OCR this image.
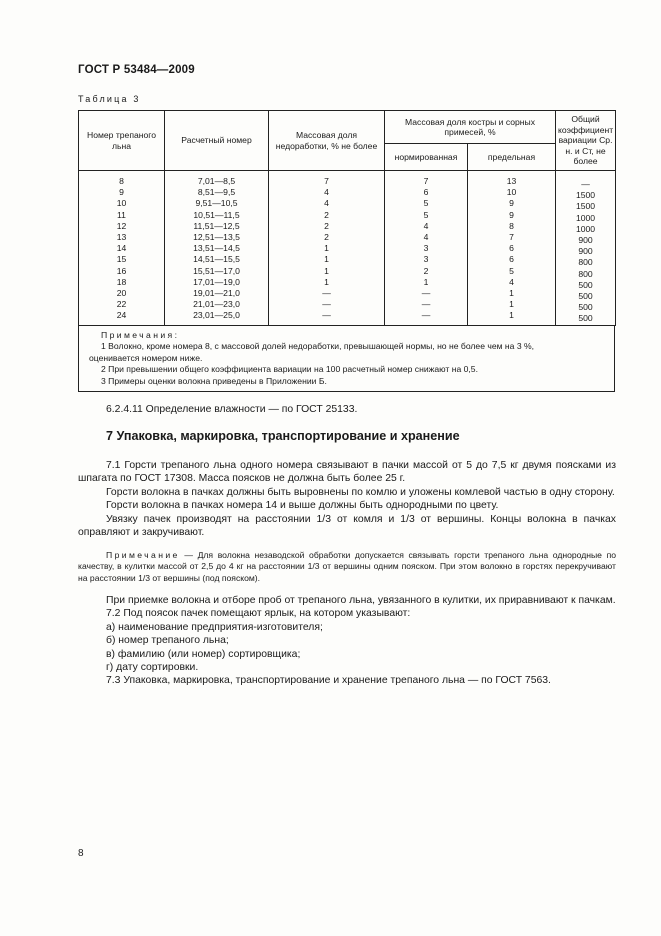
ГОСТ Р 53484—2009
Таблица 3
Номер трепаного льна	Расчетный номер	Массовая доля недоработки, % не более	Массовая доля костры и сорных примесей, %		Общий коэффициент вариации Cр. н. и Cт, не более
			нормированная	предельная	
8	7,01—8,5	7	7	13	—
9	8,51—9,5	4	6	10	1500
10	9,51—10,5	4	5	9	1500
11	10,51—11,5	2	5	9	1000
12	11,51—12,5	2	4	8	1000
13	12,51—13,5	2	4	7	900
14	13,51—14,5	1	3	6	900
15	14,51—15,5	1	3	6	800
16	15,51—17,0	1	2	5	800
18	17,01—19,0	1	1	4	500
20	19,01—21,0	—	—	1	500
22	21,01—23,0	—	—	1	500
24	23,01—25,0	—	—	1	500
Примечания:
1 Волокно, кроме номера 8, с массовой долей недоработки, превышающей нормы, но не более чем на 3 %,
оценивается номером ниже.
2 При превышении общего коэффициента вариации на 100 расчетный номер снижают на 0,5.
3 Примеры оценки волокна приведены в Приложении Б.

6.2.4.11 Определение влажности — по ГОСТ 25133.

7 Упаковка, маркировка, транспортирование и хранение

7.1 Горсти трепаного льна одного номера связывают в пачки массой от 5 до 7,5 кг двумя поясками из шпагата по ГОСТ 17308. Масса поясков не должна быть более 25 г.

Горсти волокна в пачках должны быть выровнены по комлю и уложены комлевой частью в одну сторону.

Горсти волокна в пачках номера 14 и выше должны быть однородными по цвету.

Увязку пачек производят на расстоянии 1/3 от комля и 1/3 от вершины. Концы волокна в пачках оправляют и закручивают.

Примечание — Для волокна незаводской обработки допускается связывать горсти трепаного льна однородные по качеству, в кулитки массой от 2,5 до 4 кг на расстоянии 1/3 от вершины одним пояском. При этом волокно в горстях перекручивают на расстоянии 1/3 от вершины (под пояском).

При приемке волокна и отборе проб от трепаного льна, увязанного в кулитки, их приравнивают к пачкам.

7.2 Под поясок пачек помещают ярлык, на котором указывают:

а) наименование предприятия-изготовителя;

б) номер трепаного льна;

в) фамилию (или номер) сортировщика;

г) дату сортировки.

7.3 Упаковка, маркировка, транспортирование и хранение трепаного льна — по ГОСТ 7563.

8
